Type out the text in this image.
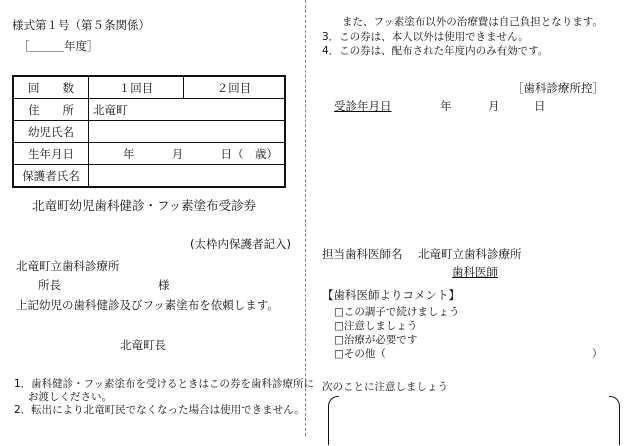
様式第１号（第５条関係）
［＿＿＿年度］
回　　数	１回目	２回目
住　　所	北竜町	
幼児氏名		
生年月日	年 月 日（　歳）	

保護者氏名		
北竜町幼児歯科健診・フッ素塗布受診券
(太枠内保護者記入)
北竜町立歯科診療所
所長	様
上記幼児の歯科健診及びフッ素塗布を依頼します。
北竜町長
1．歯科健診・フッ素塗布を受けるときはこの券を歯科診療所に
お渡しください。
2．転出により北竜町民でなくなった場合は使用できません。
また、フッ素塗布以外の治療費は自己負担となります。
3．この券は、本人以外は使用できません。
4．この券は、配布された年度内のみ有効です。
［歯科診療所控］
受診年月日	年	月	日
担当歯科医師名 北竜町立歯科診療所
歯科医師
【歯科医師よりコメント】
□この調子で続けましょう
□注意しましょう
□治療が必要です
□その他（	）
次のことに注意しましょう
